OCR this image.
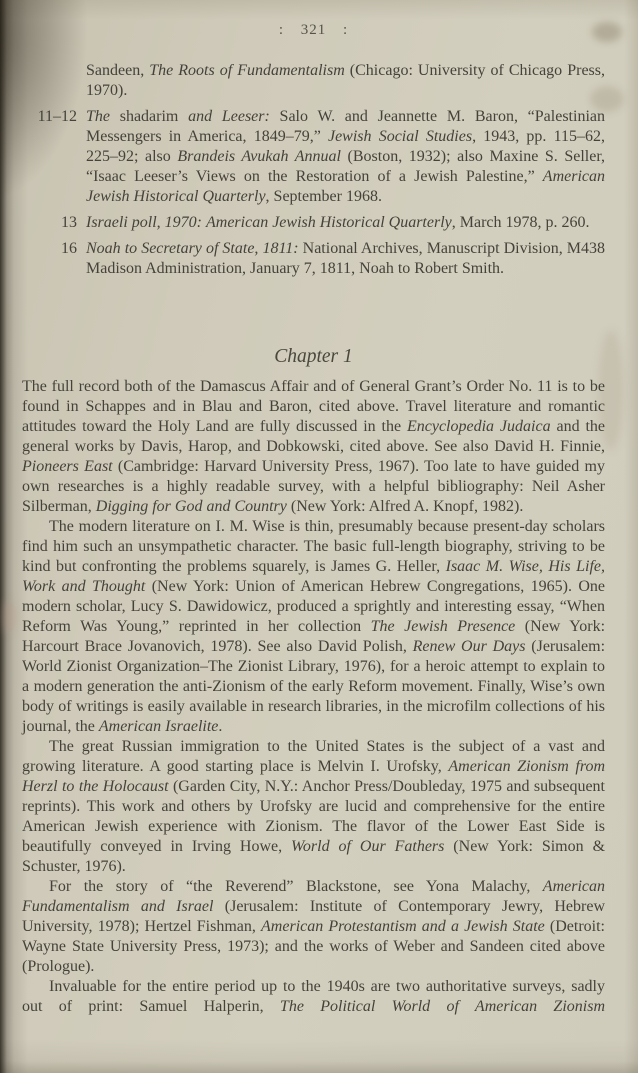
: 321 :
Sandeen, The Roots of Fundamentalism (Chicago: University of Chicago Press, 1970).
11–12 The shadarim and Leeser: Salo W. and Jeannette M. Baron, “Palestinian Messengers in America, 1849–79,” Jewish Social Studies, 1943, pp. 115–62, 225–92; also Brandeis Avukah Annual (Boston, 1932); also Maxine S. Seller, “Isaac Leeser’s Views on the Restoration of a Jewish Palestine,” American Jewish Historical Quarterly, September 1968.
13 Israeli poll, 1970: American Jewish Historical Quarterly, March 1978, p. 260.
16 Noah to Secretary of State, 1811: National Archives, Manuscript Division, M438 Madison Administration, January 7, 1811, Noah to Robert Smith.
Chapter 1

The full record both of the Damascus Affair and of General Grant’s Order No. 11 is to be found in Schappes and in Blau and Baron, cited above. Travel literature and romantic attitudes toward the Holy Land are fully discussed in the Encyclopedia Judaica and the general works by Davis, Harop, and Dobkowski, cited above. See also David H. Finnie, Pioneers East (Cambridge: Harvard University Press, 1967). Too late to have guided my own researches is a highly readable survey, with a helpful bibliography: Neil Asher Silberman, Digging for God and Country (New York: Alfred A. Knopf, 1982).

The modern literature on I. M. Wise is thin, presumably because present-day scholars find him such an unsympathetic character. The basic full-length biography, striving to be kind but confronting the problems squarely, is James G. Heller, Isaac M. Wise, His Life, Work and Thought (New York: Union of American Hebrew Congregations, 1965). One modern scholar, Lucy S. Dawidowicz, produced a sprightly and interesting essay, “When Reform Was Young,” reprinted in her collection The Jewish Presence (New York: Harcourt Brace Jovanovich, 1978). See also David Polish, Renew Our Days (Jerusalem: World Zionist Organization–The Zionist Library, 1976), for a heroic attempt to explain to a modern generation the anti-Zionism of the early Reform movement. Finally, Wise’s own body of writings is easily available in research libraries, in the microfilm collections of his journal, the American Israelite.

The great Russian immigration to the United States is the subject of a vast and growing literature. A good starting place is Melvin I. Urofsky, American Zionism from Herzl to the Holocaust (Garden City, N.Y.: Anchor Press/Doubleday, 1975 and subsequent reprints). This work and others by Urofsky are lucid and comprehensive for the entire American Jewish experience with Zionism. The flavor of the Lower East Side is beautifully conveyed in Irving Howe, World of Our Fathers (New York: Simon & Schuster, 1976).

For the story of “the Reverend” Blackstone, see Yona Malachy, American Fundamentalism and Israel (Jerusalem: Institute of Contemporary Jewry, Hebrew University, 1978); Hertzel Fishman, American Protestantism and a Jewish State (Detroit: Wayne State University Press, 1973); and the works of Weber and Sandeen cited above (Prologue).

Invaluable for the entire period up to the 1940s are two authoritative surveys, sadly out of print: Samuel Halperin, The Political World of American Zionism
